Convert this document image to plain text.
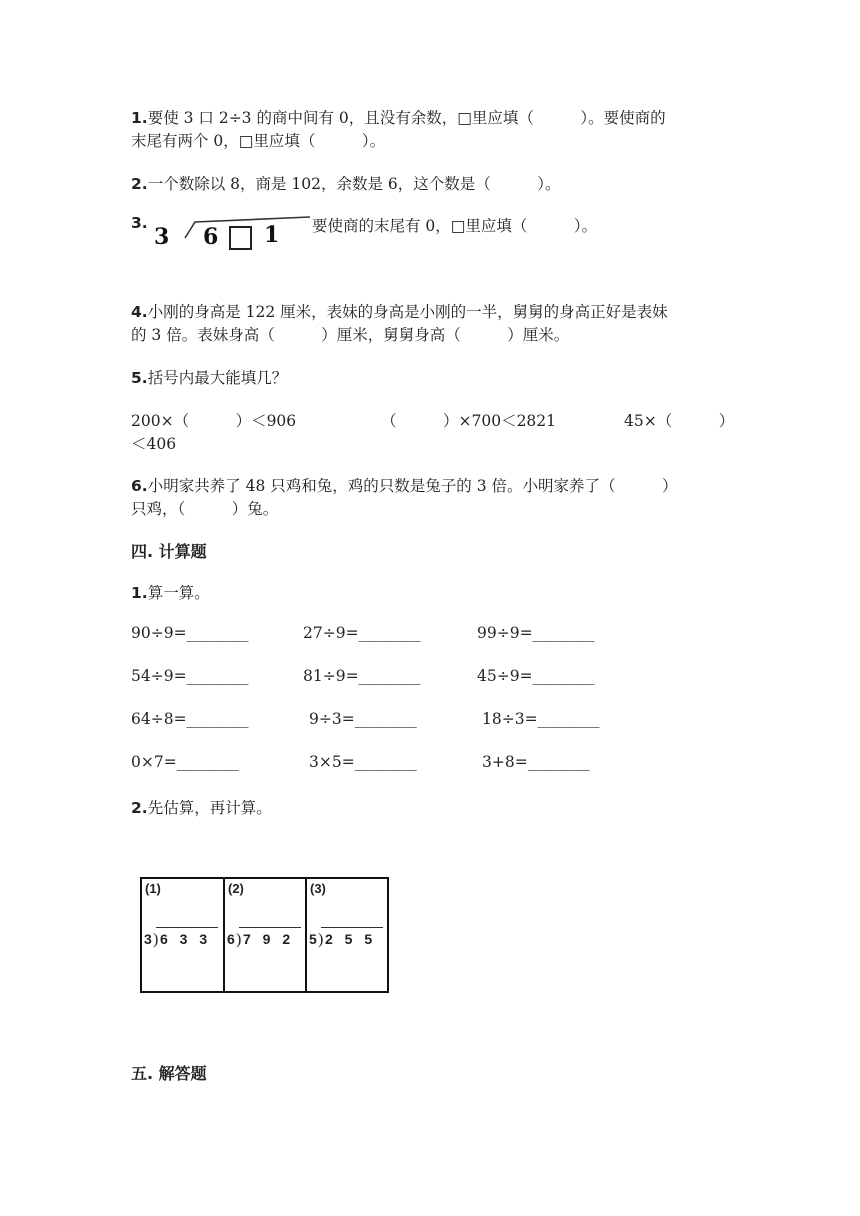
1.要使 3 口 2÷3 的商中间有 0，且没有余数，□里应填（　　　）。要使商的
末尾有两个 0，□里应填（　　　）。
2.一个数除以 8，商是 102，余数是 6，这个数是（　　　）。
3.
3 6 1 要使商的末尾有 0，□里应填（　　　）。
4.小刚的身高是 122 厘米，表妹的身高是小刚的一半，舅舅的身高正好是表妹
的 3 倍。表妹身高（　　　）厘米，舅舅身高（　　　）厘米。
5.括号内最大能填几？
200×（　　　）＜906	（　　　）×700＜2821	45×（　　　）
＜406
6.小明家共养了 48 只鸡和兔，鸡的只数是兔子的 3 倍。小明家养了（　　　）
只鸡，（　　　）兔。
四. 计算题
1.算一算。
90÷9=________	27÷9=________	99÷9=________
54÷9=________	81÷9=________	45÷9=________
64÷8=________	9÷3=________	18÷3=________
0×7=________	3×5=________	3+8=________
2.先估算，再计算。
(1)
)
3 6 3 3
(2)
)
6 7 9 2
(3)
)
5 2 5 5
五. 解答题
